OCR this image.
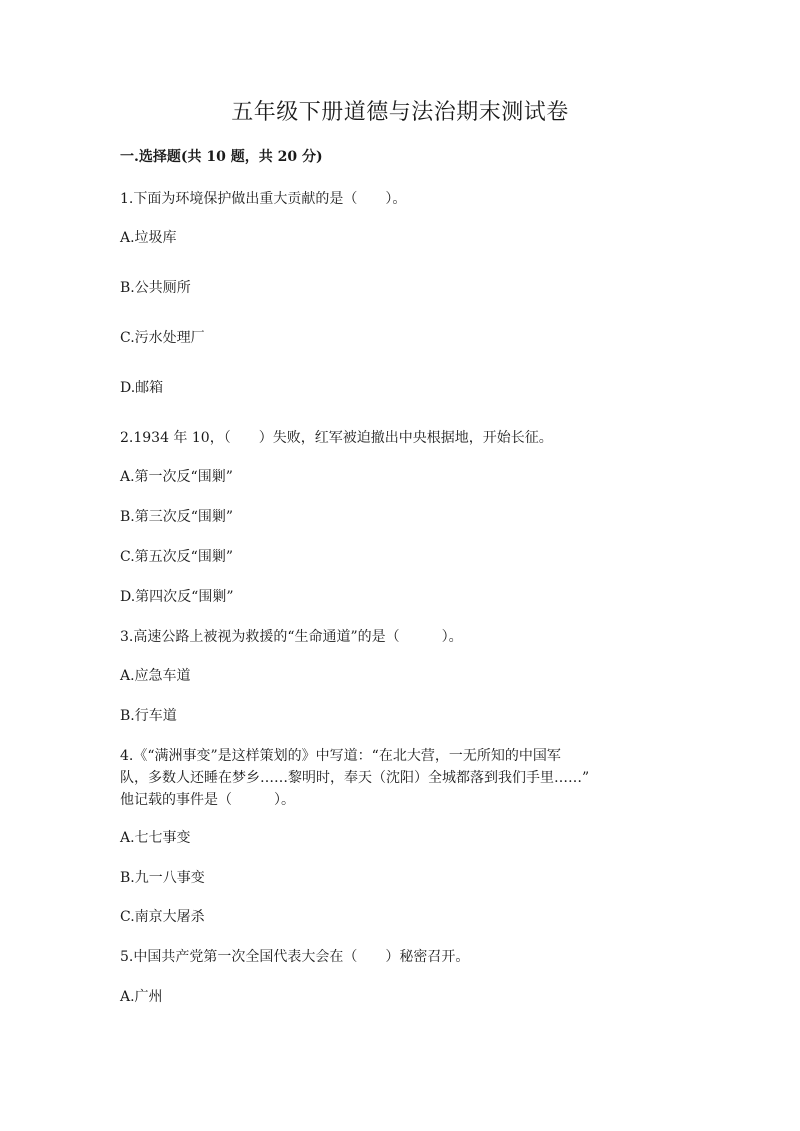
五年级下册道德与法治期末测试卷
一.选择题(共 10 题，共 20 分)
1.下面为环境保护做出重大贡献的是（　　）。
A.垃圾库
B.公共厕所
C.污水处理厂
D.邮箱
2.1934 年 10，（　　）失败，红军被迫撤出中央根据地，开始长征。
A.第一次反“围剿”
B.第三次反“围剿”
C.第五次反“围剿”
D.第四次反“围剿”
3.高速公路上被视为救援的“生命通道”的是（　　　）。
A.应急车道
B.行车道
4.《“满洲事变”是这样策划的》中写道：“在北大营，一无所知的中国军
队，多数人还睡在梦乡……黎明时，奉天（沈阳）全城都落到我们手里……”
他记载的事件是（　　　）。
A.七七事变
B.九一八事变
C.南京大屠杀
5.中国共产党第一次全国代表大会在（　　）秘密召开。
A.广州
